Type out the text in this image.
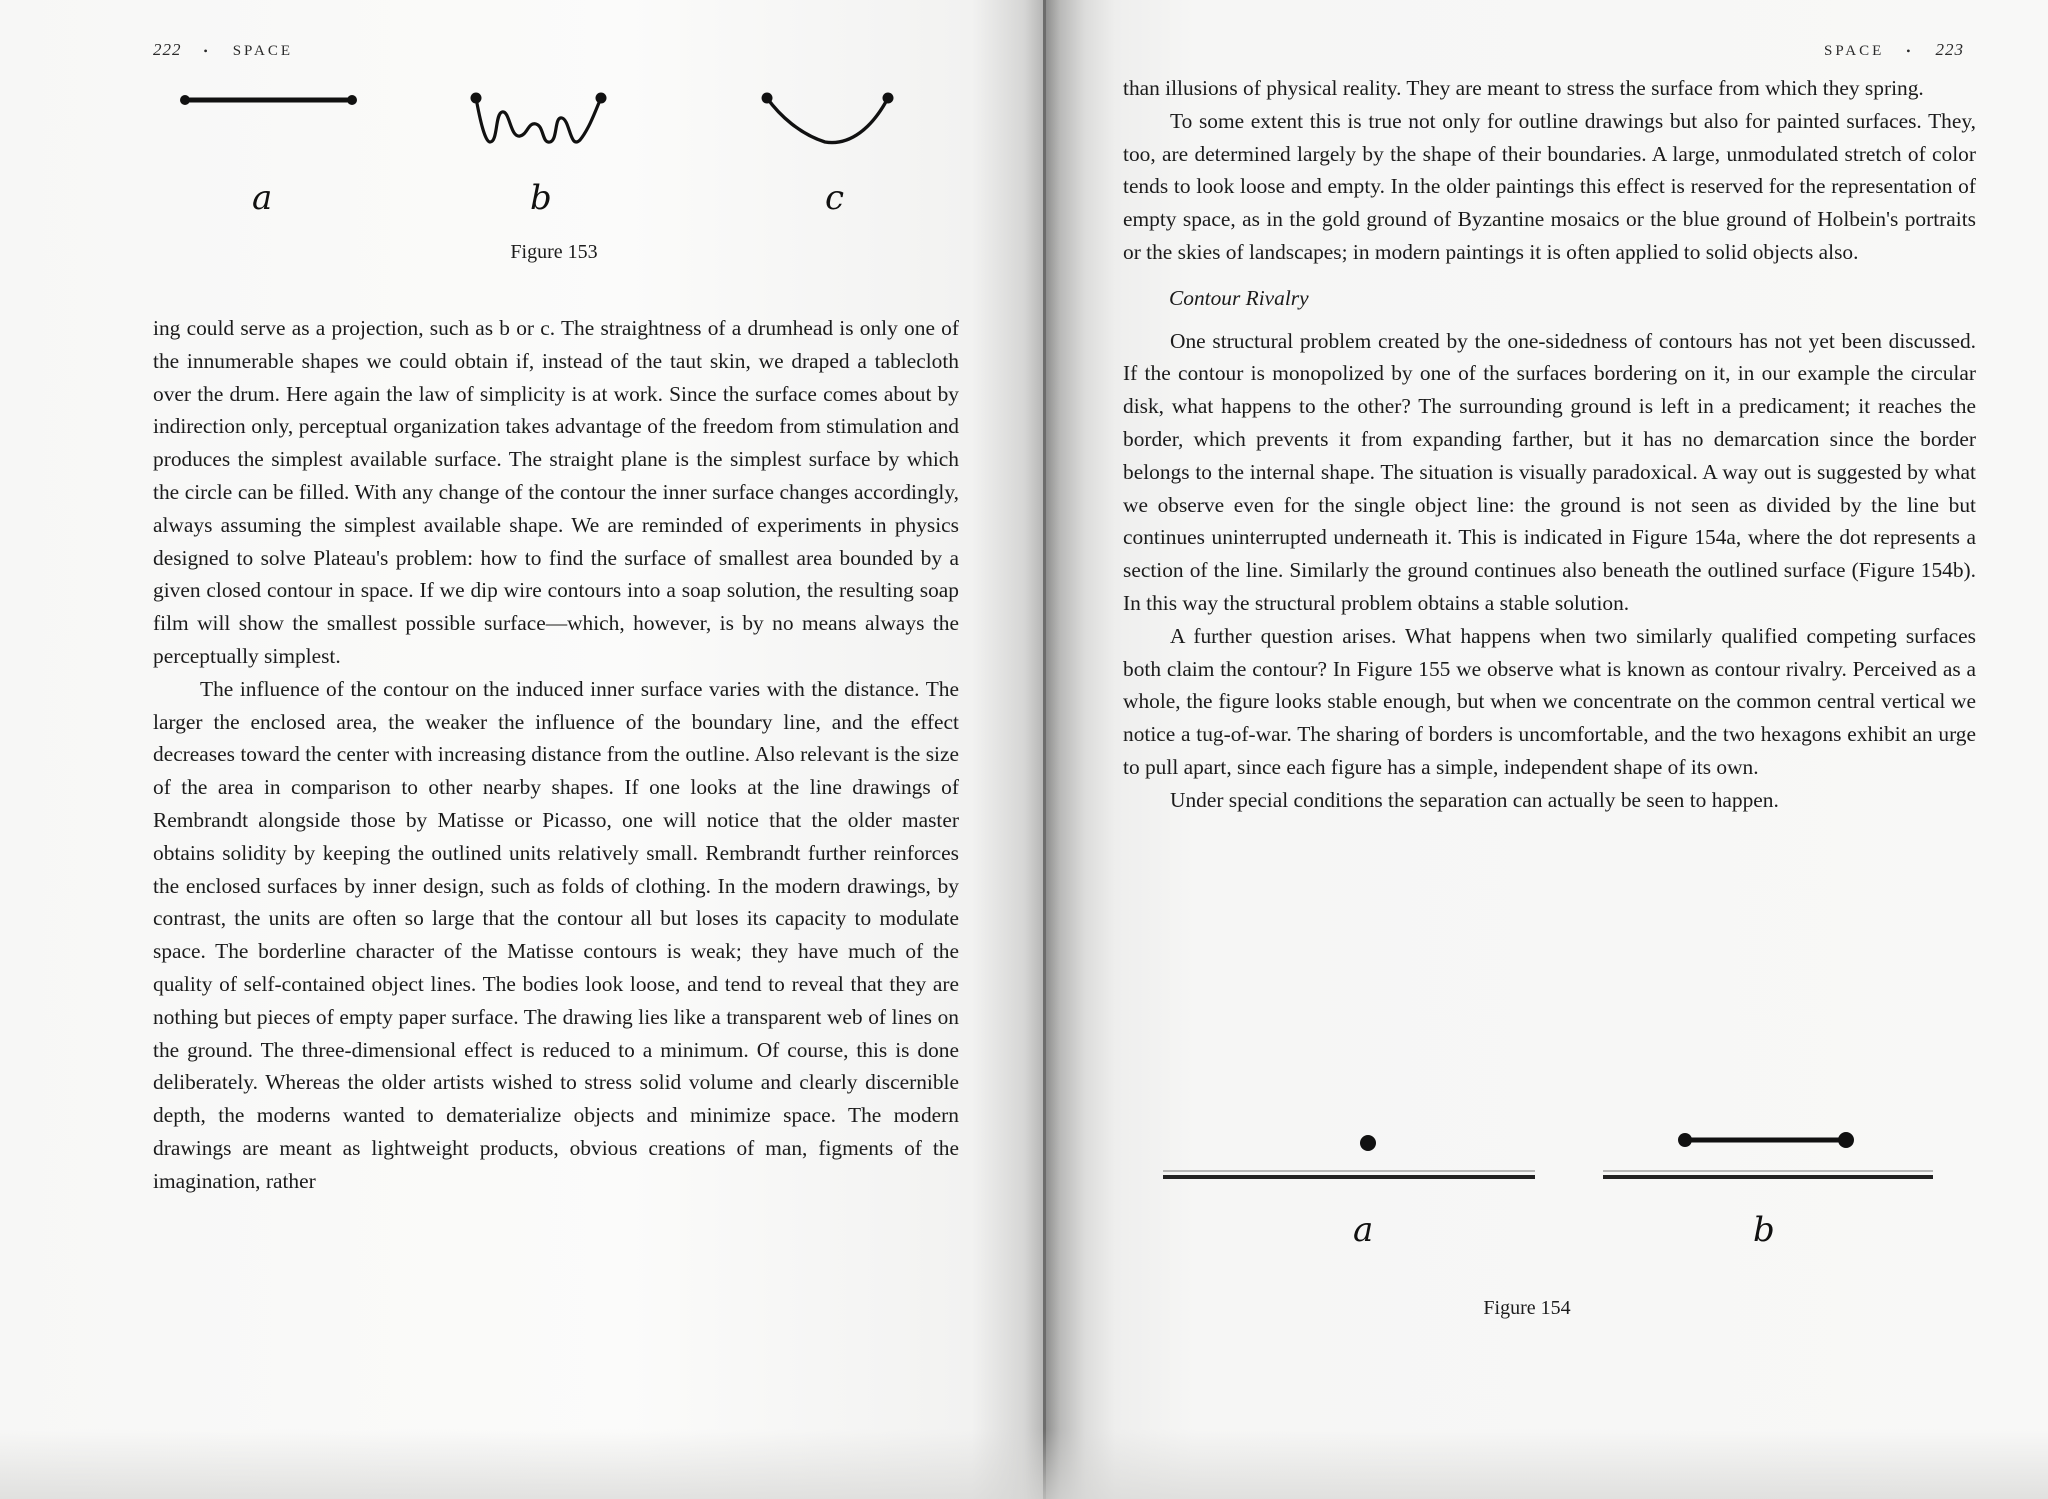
222 • SPACE
a	b	c
Figure 153

ing could serve as a projection, such as b or c. The straightness of a drumhead is only one of the innumerable shapes we could obtain if, instead of the taut skin, we draped a tablecloth over the drum. Here again the law of simplicity is at work. Since the surface comes about by indirection only, perceptual organization takes advantage of the freedom from stimulation and produces the simplest available surface. The straight plane is the simplest surface by which the circle can be filled. With any change of the contour the inner surface changes accordingly, always assuming the simplest available shape. We are reminded of experiments in physics designed to solve Plateau's problem: how to find the surface of smallest area bounded by a given closed contour in space. If we dip wire contours into a soap solution, the resulting soap film will show the smallest possible surface—which, however, is by no means always the perceptually simplest.

The influence of the contour on the induced inner surface varies with the distance. The larger the enclosed area, the weaker the influence of the boundary line, and the effect decreases toward the center with increasing distance from the outline. Also relevant is the size of the area in comparison to other nearby shapes. If one looks at the line drawings of Rembrandt alongside those by Matisse or Picasso, one will notice that the older master obtains solidity by keeping the outlined units relatively small. Rembrandt further reinforces the enclosed surfaces by inner design, such as folds of clothing. In the modern drawings, by contrast, the units are often so large that the contour all but loses its capacity to modulate space. The borderline character of the Matisse contours is weak; they have much of the quality of self-contained object lines. The bodies look loose, and tend to reveal that they are nothing but pieces of empty paper surface. The drawing lies like a transparent web of lines on the ground. The three-dimensional effect is reduced to a minimum. Of course, this is done deliberately. Whereas the older artists wished to stress solid volume and clearly discernible depth, the moderns wanted to dematerialize objects and minimize space. The modern drawings are meant as lightweight products, obvious creations of man, figments of the imagination, rather

SPACE • 223

than illusions of physical reality. They are meant to stress the surface from which they spring.

To some extent this is true not only for outline drawings but also for painted surfaces. They, too, are determined largely by the shape of their boundaries. A large, unmodulated stretch of color tends to look loose and empty. In the older paintings this effect is reserved for the representation of empty space, as in the gold ground of Byzantine mosaics or the blue ground of Holbein's portraits or the skies of landscapes; in modern paintings it is often applied to solid objects also.

Contour Rivalry

One structural problem created by the one-sidedness of contours has not yet been discussed. If the contour is monopolized by one of the surfaces bordering on it, in our example the circular disk, what happens to the other? The surrounding ground is left in a predicament; it reaches the border, which prevents it from expanding farther, but it has no demarcation since the border belongs to the internal shape. The situation is visually paradoxical. A way out is suggested by what we observe even for the single object line: the ground is not seen as divided by the line but continues uninterrupted underneath it. This is indicated in Figure 154a, where the dot represents a section of the line. Similarly the ground continues also beneath the outlined surface (Figure 154b). In this way the structural problem obtains a stable solution.

A further question arises. What happens when two similarly qualified competing surfaces both claim the contour? In Figure 155 we observe what is known as contour rivalry. Perceived as a whole, the figure looks stable enough, but when we concentrate on the common central vertical we notice a tug-of-war. The sharing of borders is uncomfortable, and the two hexagons exhibit an urge to pull apart, since each figure has a simple, independent shape of its own.

Under special conditions the separation can actually be seen to happen.

a	b
Figure 154
